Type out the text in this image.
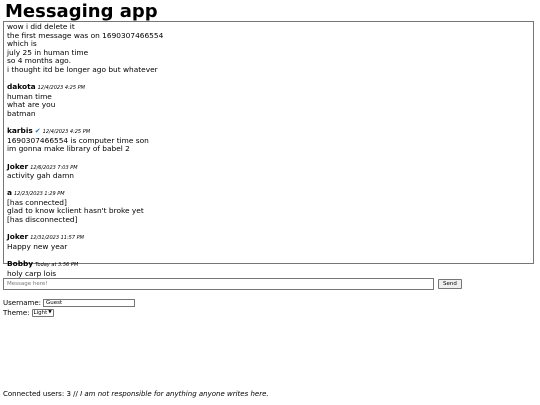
Messaging app
wow i did delete it
the first message was on 1690307466554
which is
july 25 in human time
so 4 months ago.
i thought itd be longer ago but whatever
dakota 12/4/2023 4:25 PM
human time
what are you
batman
karbis ✔ 12/4/2023 4:25 PM
1690307466554 is computer time son
im gonna make library of babel 2
Joker 12/6/2023 7:03 PM
activity gah damn
a 12/23/2023 1:29 PM
[has connected]
glad to know kclient hasn't broke yet
[has disconnected]
Joker 12/31/2023 11:57 PM
Happy new year
Bobby Today at 3:56 PM
holy carp lois
Message here!
Send
Username:
Guest
Theme: Light ▼
Connected users: 3 // I am not responsible for anything anyone writes here.
